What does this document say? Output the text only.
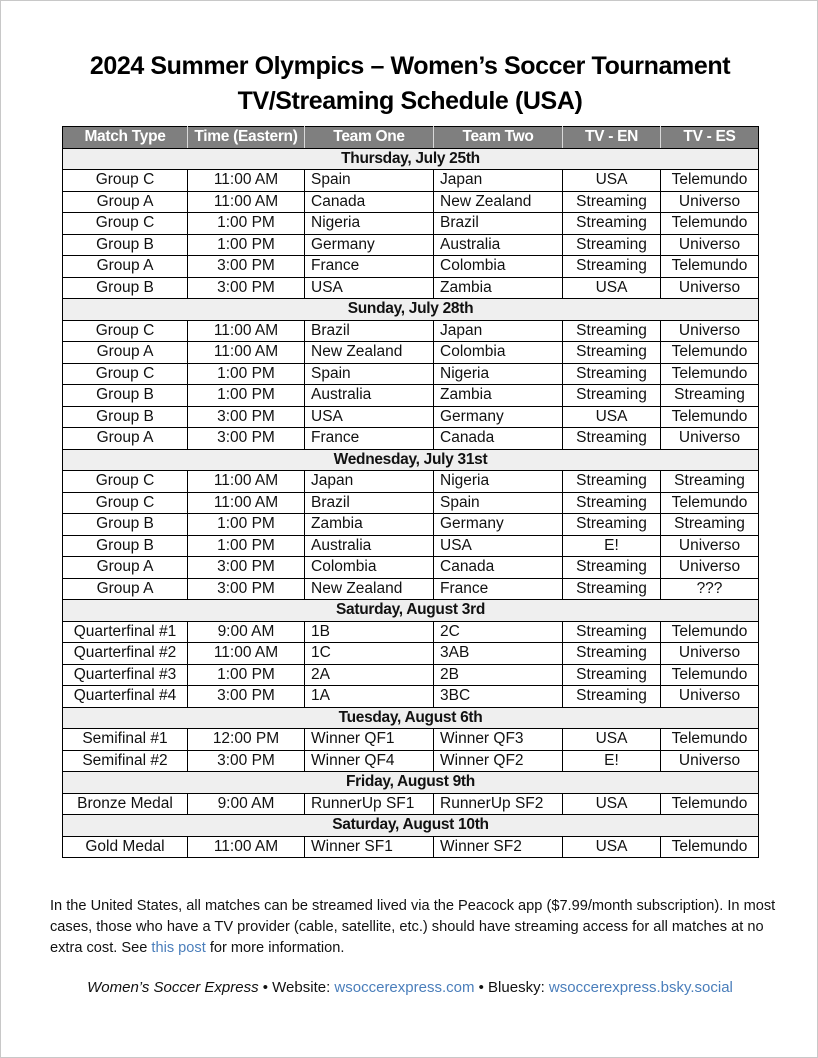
2024 Summer Olympics – Women’s Soccer Tournament
TV/Streaming Schedule (USA)
Match Type	Time (Eastern)	Team One	Team Two	TV - EN	TV - ES
Thursday, July 25th					
Group C	11:00 AM	Spain	Japan	USA	Telemundo
Group A	11:00 AM	Canada	New Zealand	Streaming	Universo
Group C	1:00 PM	Nigeria	Brazil	Streaming	Telemundo
Group B	1:00 PM	Germany	Australia	Streaming	Universo
Group A	3:00 PM	France	Colombia	Streaming	Telemundo
Group B	3:00 PM	USA	Zambia	USA	Universo
Sunday, July 28th					
Group C	11:00 AM	Brazil	Japan	Streaming	Universo
Group A	11:00 AM	New Zealand	Colombia	Streaming	Telemundo
Group C	1:00 PM	Spain	Nigeria	Streaming	Telemundo
Group B	1:00 PM	Australia	Zambia	Streaming	Streaming
Group B	3:00 PM	USA	Germany	USA	Telemundo
Group A	3:00 PM	France	Canada	Streaming	Universo
Wednesday, July 31st					
Group C	11:00 AM	Japan	Nigeria	Streaming	Streaming
Group C	11:00 AM	Brazil	Spain	Streaming	Telemundo
Group B	1:00 PM	Zambia	Germany	Streaming	Streaming
Group B	1:00 PM	Australia	USA	E!	Universo
Group A	3:00 PM	Colombia	Canada	Streaming	Universo
Group A	3:00 PM	New Zealand	France	Streaming	???
Saturday, August 3rd					
Quarterfinal #1	9:00 AM	1B	2C	Streaming	Telemundo
Quarterfinal #2	11:00 AM	1C	3AB	Streaming	Universo
Quarterfinal #3	1:00 PM	2A	2B	Streaming	Telemundo
Quarterfinal #4	3:00 PM	1A	3BC	Streaming	Universo
Tuesday, August 6th					
Semifinal #1	12:00 PM	Winner QF1	Winner QF3	USA	Telemundo
Semifinal #2	3:00 PM	Winner QF4	Winner QF2	E!	Universo
Friday, August 9th					
Bronze Medal	9:00 AM	RunnerUp SF1	RunnerUp SF2	USA	Telemundo
Saturday, August 10th					
Gold Medal	11:00 AM	Winner SF1	Winner SF2	USA	Telemundo
In the United States, all matches can be streamed lived via the Peacock app ($7.99/month subscription). In most cases, those who have a TV provider (cable, satellite, etc.) should have streaming access for all matches at no extra cost. See this post for more information.
Women’s Soccer Express • Website: wsoccerexpress.com • Bluesky: wsoccerexpress.bsky.social
